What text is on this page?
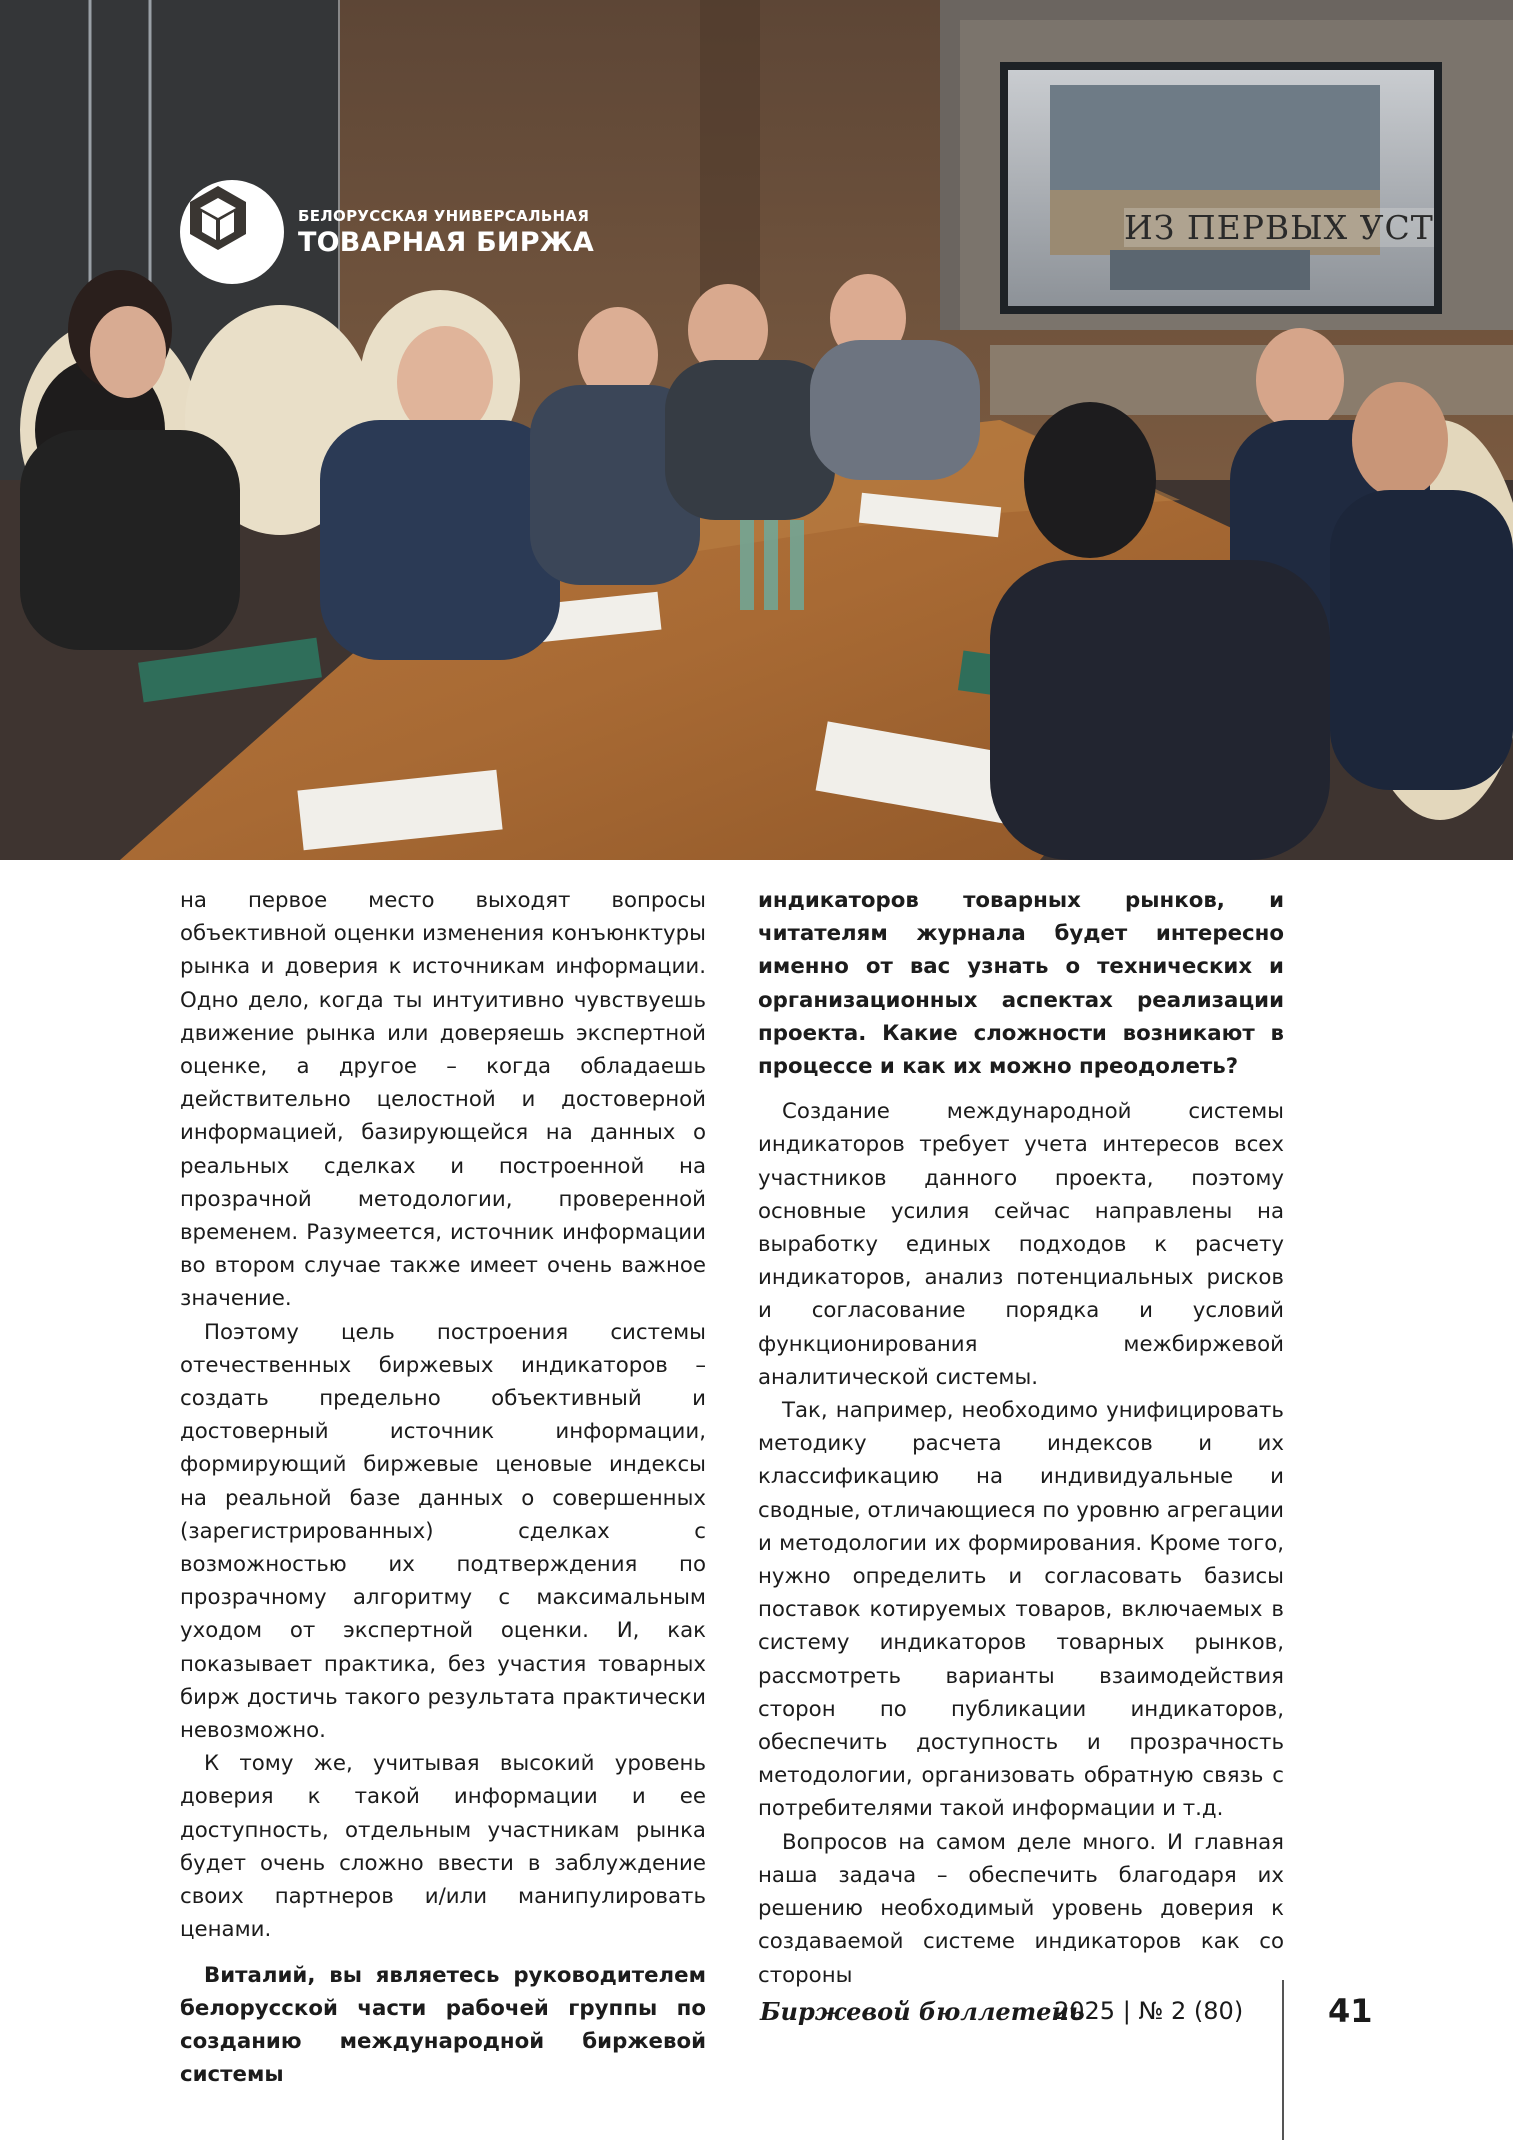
БЕЛОРУССКАЯ УНИВЕРСАЛЬНАЯ
ТОВАРНАЯ БИРЖА	ИЗ ПЕРВЫХ УСТ

на первое место выходят вопросы объективной оценки изменения конъюнктуры рынка и доверия к источникам информации. Одно дело, когда ты интуитивно чувствуешь движение рынка или доверяешь экспертной оценке, а другое – когда обладаешь действительно целостной и достоверной информацией, базирующейся на данных о реальных сделках и построенной на прозрачной методологии, проверенной временем. Разумеется, источник информации во втором случае также имеет очень важное значение.

Поэтому цель построения системы отечественных биржевых индикаторов – создать предельно объективный и достоверный источник информации, формирующий биржевые ценовые индексы на реальной базе данных о совершенных (зарегистрированных) сделках с возможностью их подтверждения по прозрачному алгоритму с максимальным уходом от экспертной оценки. И, как показывает практика, без участия товарных бирж достичь такого результата практически невозможно.

К тому же, учитывая высокий уровень доверия к такой информации и ее доступность, отдельным участникам рынка будет очень сложно ввести в заблуждение своих партнеров и/или манипулировать ценами.

Виталий, вы являетесь руководителем белорусской части рабочей группы по созданию международной биржевой системы

индикаторов товарных рынков, и читателям журнала будет интересно именно от вас узнать о технических и организационных аспектах реализации проекта. Какие сложности возникают в процессе и как их можно преодолеть?

Создание международной системы индикаторов требует учета интересов всех участников данного проекта, поэтому основные усилия сейчас направлены на выработку единых подходов к расчету индикаторов, анализ потенциальных рисков и согласование порядка и условий функционирования межбиржевой аналитической системы.

Так, например, необходимо унифицировать методику расчета индексов и их классификацию на индивидуальные и сводные, отличающиеся по уровню агрегации и методологии их формирования. Кроме того, нужно определить и согласовать базисы поставок котируемых товаров, включаемых в систему индикаторов товарных рынков, рассмотреть варианты взаимодействия сторон по публикации индикаторов, обеспечить доступность и прозрачность методологии, организовать обратную связь с потребителями такой информации и т.д.

Вопросов на самом деле много. И главная наша задача – обеспечить благодаря их решению необходимый уровень доверия к создаваемой системе индикаторов как со стороны

Биржевой бюллетень
2025 | № 2 (80)	41
